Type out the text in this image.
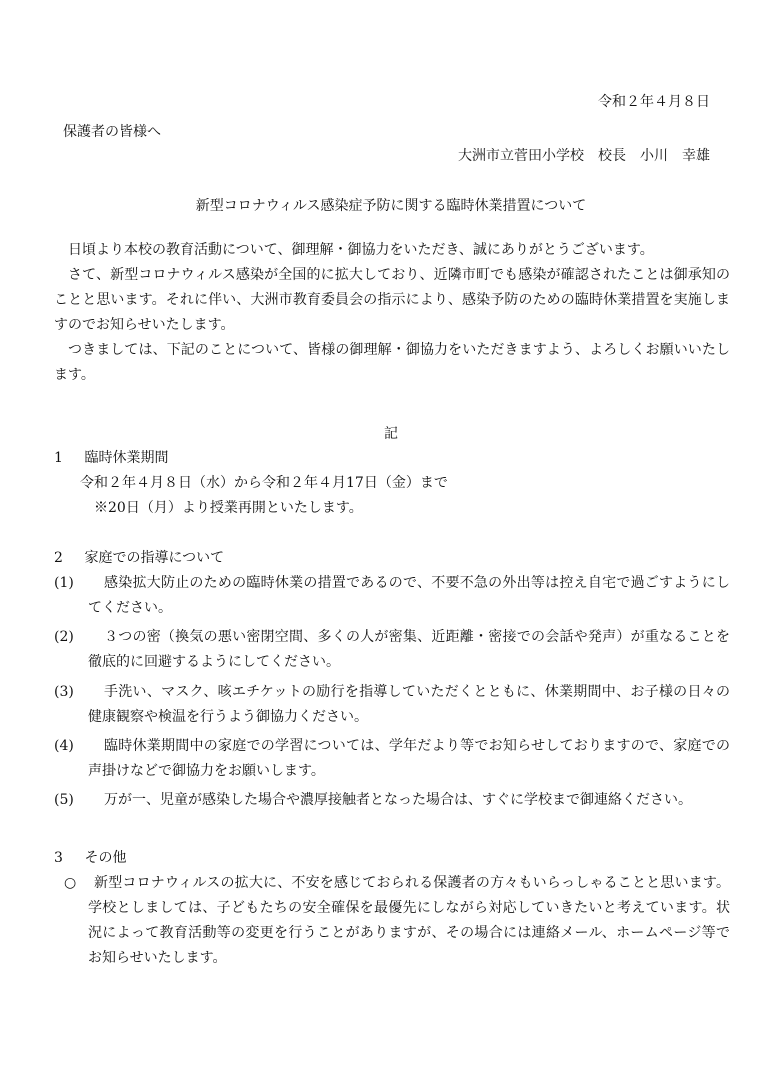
令和２年４月８日
保護者の皆様へ
大洲市立菅田小学校　校長　小川　幸雄
新型コロナウィルス感染症予防に関する臨時休業措置について
日頃より本校の教育活動について、御理解・御協力をいただき、誠にありがとうございます。
さて、新型コロナウィルス感染が全国的に拡大しており、近隣市町でも感染が確認されたことは御承知のことと思います。それに伴い、大洲市教育委員会の指示により、感染予防のための臨時休業措置を実施しますのでお知らせいたします。
つきましては、下記のことについて、皆様の御理解・御協力をいただきますよう、よろしくお願いいたします。
記
1 臨時休業期間
令和２年４月８日（水）から令和２年４月17日（金）まで
※20日（月）より授業再開といたします。
2 家庭での指導について
(1)	感染拡大防止のための臨時休業の措置であるので、不要不急の外出等は控え自宅で過ごすようにしてください。
(2)	３つの密（換気の悪い密閉空間、多くの人が密集、近距離・密接での会話や発声）が重なることを徹底的に回避するようにしてください。
(3)	手洗い、マスク、咳エチケットの励行を指導していただくとともに、休業期間中、お子様の日々の健康観察や検温を行うよう御協力ください。
(4)	臨時休業期間中の家庭での学習については、学年だより等でお知らせしておりますので、家庭での声掛けなどで御協力をお願いします。
(5)	万が一、児童が感染した場合や濃厚接触者となった場合は、すぐに学校まで御連絡ください。
3 その他
○	新型コロナウィルスの拡大に、不安を感じておられる保護者の方々もいらっしゃることと思います。学校としましては、子どもたちの安全確保を最優先にしながら対応していきたいと考えています。状況によって教育活動等の変更を行うことがありますが、その場合には連絡メール、ホームページ等でお知らせいたします。
